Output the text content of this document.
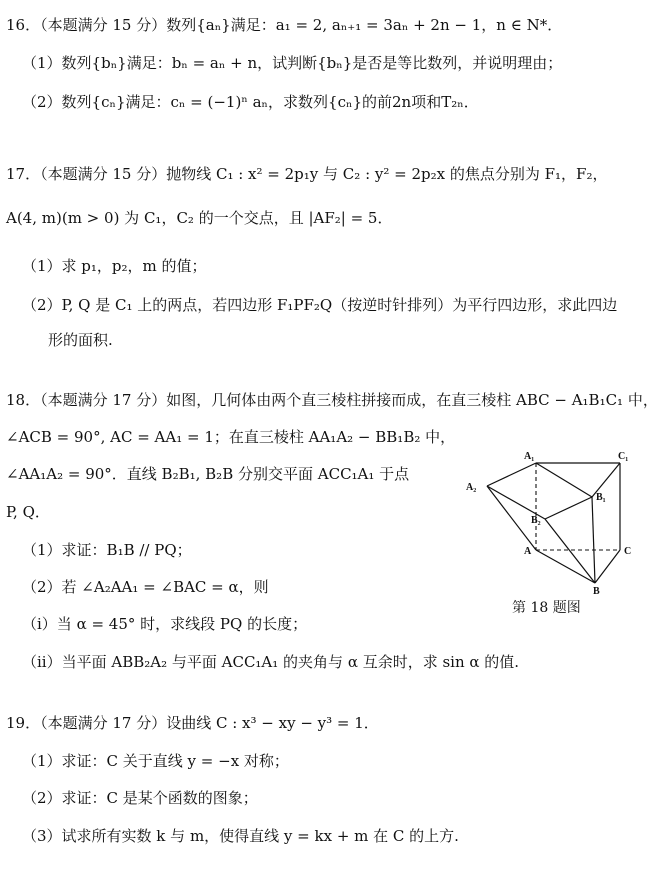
16．（本题满分 15 分）数列{aₙ}满足：a₁ = 2, aₙ₊₁ = 3aₙ + 2n − 1，n ∈ N*．
（1）数列{bₙ}满足：bₙ = aₙ + n，试判断{bₙ}是否是等比数列，并说明理由；
（2）数列{cₙ}满足：cₙ = (−1)ⁿ aₙ，求数列{cₙ}的前2n项和T₂ₙ．
17．（本题满分 15 分）抛物线 C₁ : x² = 2p₁y 与 C₂ : y² = 2p₂x 的焦点分别为 F₁，F₂，
A(4, m)(m > 0) 为 C₁，C₂ 的一个交点，且 |AF₂| = 5．
（1）求 p₁，p₂，m 的值；
（2）P, Q 是 C₁ 上的两点，若四边形 F₁PF₂Q（按逆时针排列）为平行四边形，求此四边
形的面积.
18．（本题满分 17 分）如图，几何体由两个直三棱柱拼接而成，在直三棱柱 ABC − A₁B₁C₁ 中，
∠ACB = 90°, AC = AA₁ = 1；在直三棱柱 AA₁A₂ − BB₁B₂ 中，
∠AA₁A₂ = 90°．直线 B₂B₁, B₂B 分别交平面 ACC₁A₁ 于点
P, Q．
（1）求证：B₁B // PQ；
（2）若 ∠A₂AA₁ = ∠BAC = α，则
（i）当 α = 45° 时，求线段 PQ 的长度；
（ii）当平面 ABB₂A₂ 与平面 ACC₁A₁ 的夹角与 α 互余时，求 sin α 的值.
A₁	C₁
A₂
B₁
B₂
A	C
B
第 18 题图
19．（本题满分 17 分）设曲线 C : x³ − xy − y³ = 1．
（1）求证：C 关于直线 y = −x 对称；
（2）求证：C 是某个函数的图象；
（3）试求所有实数 k 与 m，使得直线 y = kx + m 在 C 的上方.
